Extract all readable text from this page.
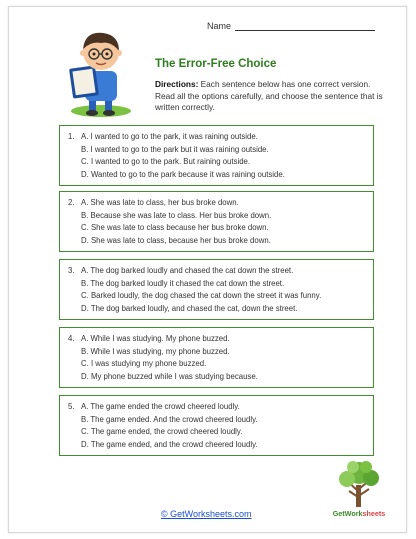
Name
The Error-Free Choice
Directions: Each sentence below has one correct version. Read all the options carefully, and choose the sentence that is written correctly.
1. A. I wanted to go to the park, it was raining outside.
B. I wanted to go to the park but it was raining outside.
C. I wanted to go to the park. But raining outside.
D. Wanted to go to the park because it was raining outside.
2. A. She was late to class, her bus broke down.
B. Because she was late to class. Her bus broke down.
C. She was late to class because her bus broke down.
D. She was late to class, because her bus broke down.
3. A. The dog barked loudly and chased the cat down the street.
B. The dog barked loudly it chased the cat down the street.
C. Barked loudly, the dog chased the cat down the street it was funny.
D. The dog barked loudly, and chased the cat, down the street.
4. A. While I was studying. My phone buzzed.
B. While I was studying, my phone buzzed.
C. I was studying my phone buzzed.
D. My phone buzzed while I was studying because.
5. A. The game ended the crowd cheered loudly.
B. The game ended. And the crowd cheered loudly.
C. The game ended, the crowd cheered loudly.
D. The game ended, and the crowd cheered loudly.
© GetWorksheets.com	GetWorksheets
